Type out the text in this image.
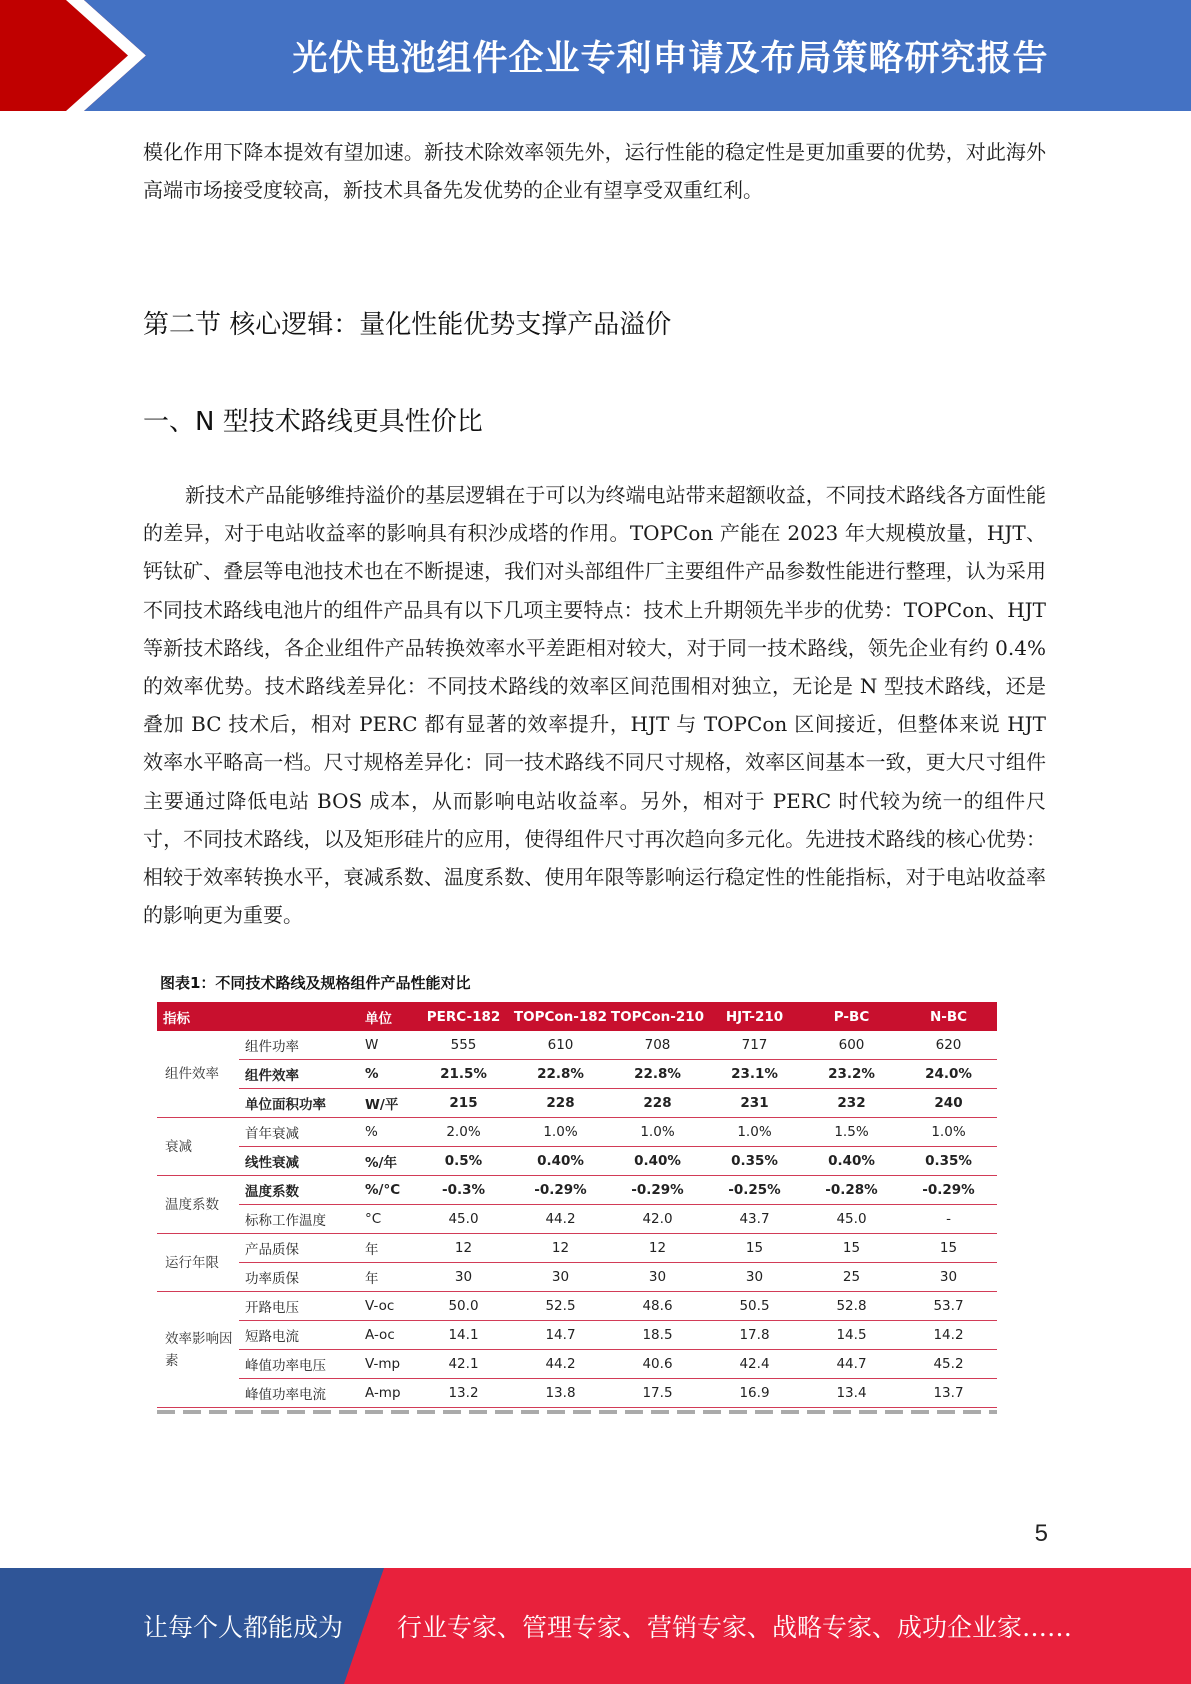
光伏电池组件企业专利申请及布局策略研究报告

模化作用下降本提效有望加速。新技术除效率领先外，运行性能的稳定性是更加重要的优势，对此海外高端市场接受度较高，新技术具备先发优势的企业有望享受双重红利。

第二节 核心逻辑：量化性能优势支撑产品溢价
一、N 型技术路线更具性价比

新技术产品能够维持溢价的基层逻辑在于可以为终端电站带来超额收益，不同技术路线各方面性能的差异，对于电站收益率的影响具有积沙成塔的作用。TOPCon 产能在 2023 年大规模放量，HJT、钙钛矿、叠层等电池技术也在不断提速，我们对头部组件厂主要组件产品参数性能进行整理，认为采用不同技术路线电池片的组件产品具有以下几项主要特点：技术上升期领先半步的优势：TOPCon、HJT 等新技术路线，各企业组件产品转换效率水平差距相对较大，对于同一技术路线，领先企业有约 0.4%的效率优势。技术路线差异化：不同技术路线的效率区间范围相对独立，无论是 N 型技术路线，还是叠加 BC 技术后，相对 PERC 都有显著的效率提升，HJT 与 TOPCon 区间接近，但整体来说 HJT 效率水平略高一档。尺寸规格差异化：同一技术路线不同尺寸规格，效率区间基本一致，更大尺寸组件主要通过降低电站 BOS 成本，从而影响电站收益率。另外，相对于 PERC 时代较为统一的组件尺寸，不同技术路线，以及矩形硅片的应用，使得组件尺寸再次趋向多元化。先进技术路线的核心优势：相较于效率转换水平，衰减系数、温度系数、使用年限等影响运行稳定性的性能指标，对于电站收益率的影响更为重要。

图表1：不同技术路线及规格组件产品性能对比
指标		单位	PERC-182	TOPCon-182	TOPCon-210	HJT-210	P-BC	N-BC
组件效率	组件功率	W	555	610	708	717	600	620
	组件效率	%	21.5%	22.8%	22.8%	23.1%	23.2%	24.0%
	单位面积功率	W/平	215	228	228	231	232	240
衰减	首年衰减	%	2.0%	1.0%	1.0%	1.0%	1.5%	1.0%
	线性衰减	%/年	0.5%	0.40%	0.40%	0.35%	0.40%	0.35%
温度系数	温度系数	%/°C	-0.3%	-0.29%	-0.29%	-0.25%	-0.28%	-0.29%
	标称工作温度	°C	45.0	44.2	42.0	43.7	45.0	-
运行年限	产品质保	年	12	12	12	15	15	15
	功率质保	年	30	30	30	30	25	30
效率影响因素	开路电压	V-oc	50.0	52.5	48.6	50.5	52.8	53.7
	短路电流	A-oc	14.1	14.7	18.5	17.8	14.5	14.2
	峰值功率电压	V-mp	42.1	44.2	40.6	42.4	44.7	45.2
	峰值功率电流	A-mp	13.2	13.8	17.5	16.9	13.4	13.7
5
让每个人都能成为 行业专家、管理专家、营销专家、战略专家、成功企业家……
